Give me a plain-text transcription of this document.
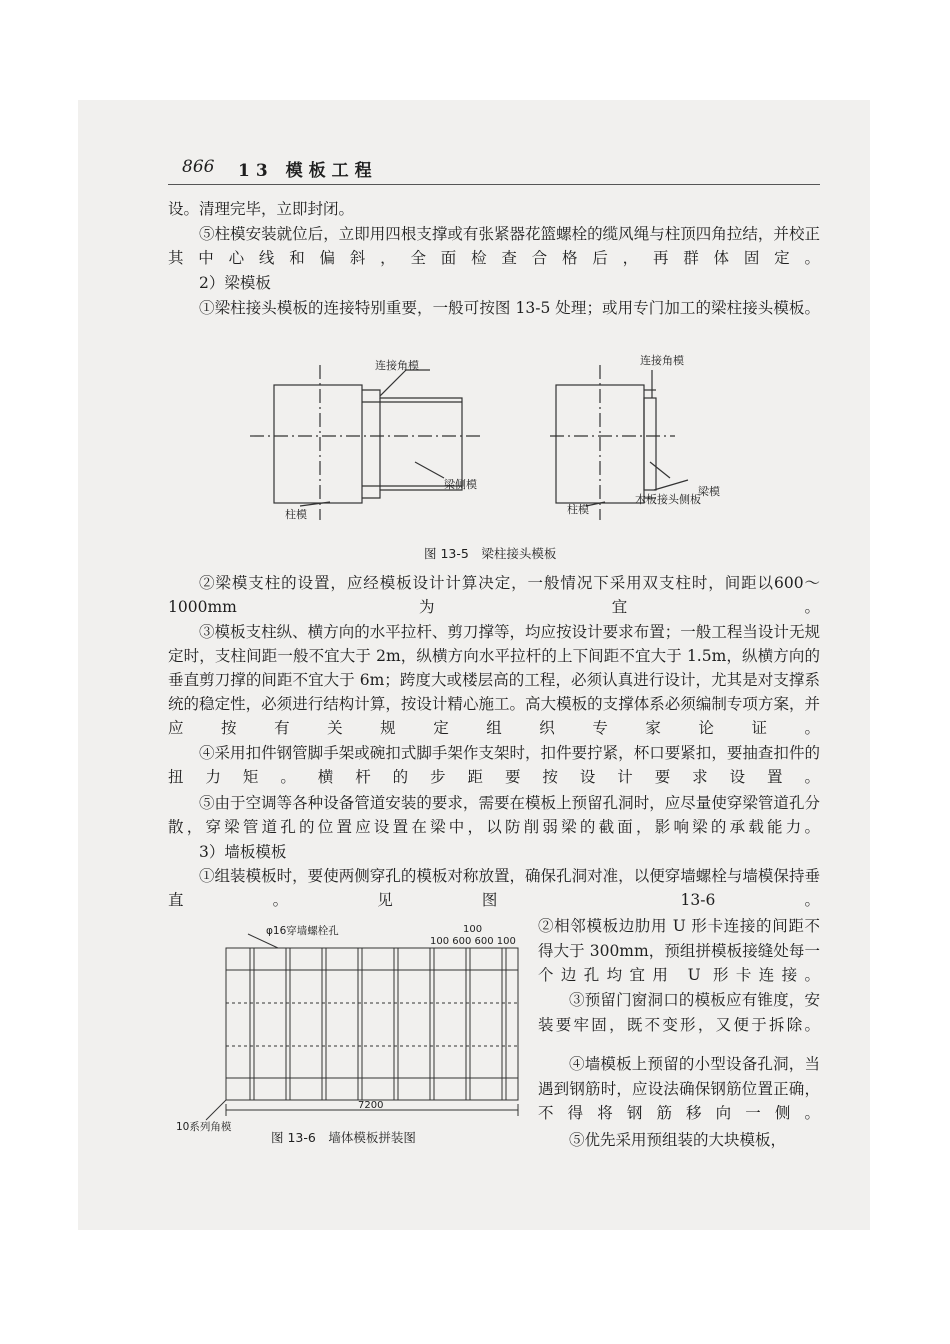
866 13 模板工程
设。清理完毕，立即封闭。
⑤柱模安装就位后，立即用四根支撑或有张紧器花篮螺栓的缆风绳与柱顶四角拉结，并校正其中心线和偏斜，全面检查合格后，再群体固定。
2）梁模板
①梁柱接头模板的连接特别重要，一般可按图 13-5 处理；或用专门加工的梁柱接头模板。
连接角模
梁侧模
柱模
连接角模
梁模
木板接头侧板
柱模
图 13-5　梁柱接头模板
②梁模支柱的设置，应经模板设计计算决定，一般情况下采用双支柱时，间距以600～1000mm 为宜。
③模板支柱纵、横方向的水平拉杆、剪刀撑等，均应按设计要求布置；一般工程当设计无规定时，支柱间距一般不宜大于 2m，纵横方向水平拉杆的上下间距不宜大于 1.5m，纵横方向的垂直剪刀撑的间距不宜大于 6m；跨度大或楼层高的工程，必须认真进行设计，尤其是对支撑系统的稳定性，必须进行结构计算，按设计精心施工。高大模板的支撑体系必须编制专项方案，并应按有关规定组织专家论证。
④采用扣件钢管脚手架或碗扣式脚手架作支架时，扣件要拧紧，杯口要紧扣，要抽查扣件的扭力矩。横杆的步距要按设计要求设置。
⑤由于空调等各种设备管道安装的要求，需要在模板上预留孔洞时，应尽量使穿梁管道孔分散，穿梁管道孔的位置应设置在梁中，以防削弱梁的截面，影响梁的承载能力。
3）墙板模板
①组装模板时，要使两侧穿孔的模板对称放置，确保孔洞对准，以便穿墙螺栓与墙模保持垂直。见图 13-6。
φ16穿墙螺栓孔	100
100 600 600 100
7200
10系列角模
图 13-6　墙体模板拼装图
②相邻模板边肋用 U 形卡连接的间距不得大于 300mm，预组拼模板接缝处每一个边孔均宜用 U 形卡连接。
③预留门窗洞口的模板应有锥度，安装要牢固，既不变形，又便于拆除。
④墙模板上预留的小型设备孔洞，当遇到钢筋时，应设法确保钢筋位置正确，不得将钢筋移向一侧。
⑤优先采用预组装的大块模板，
